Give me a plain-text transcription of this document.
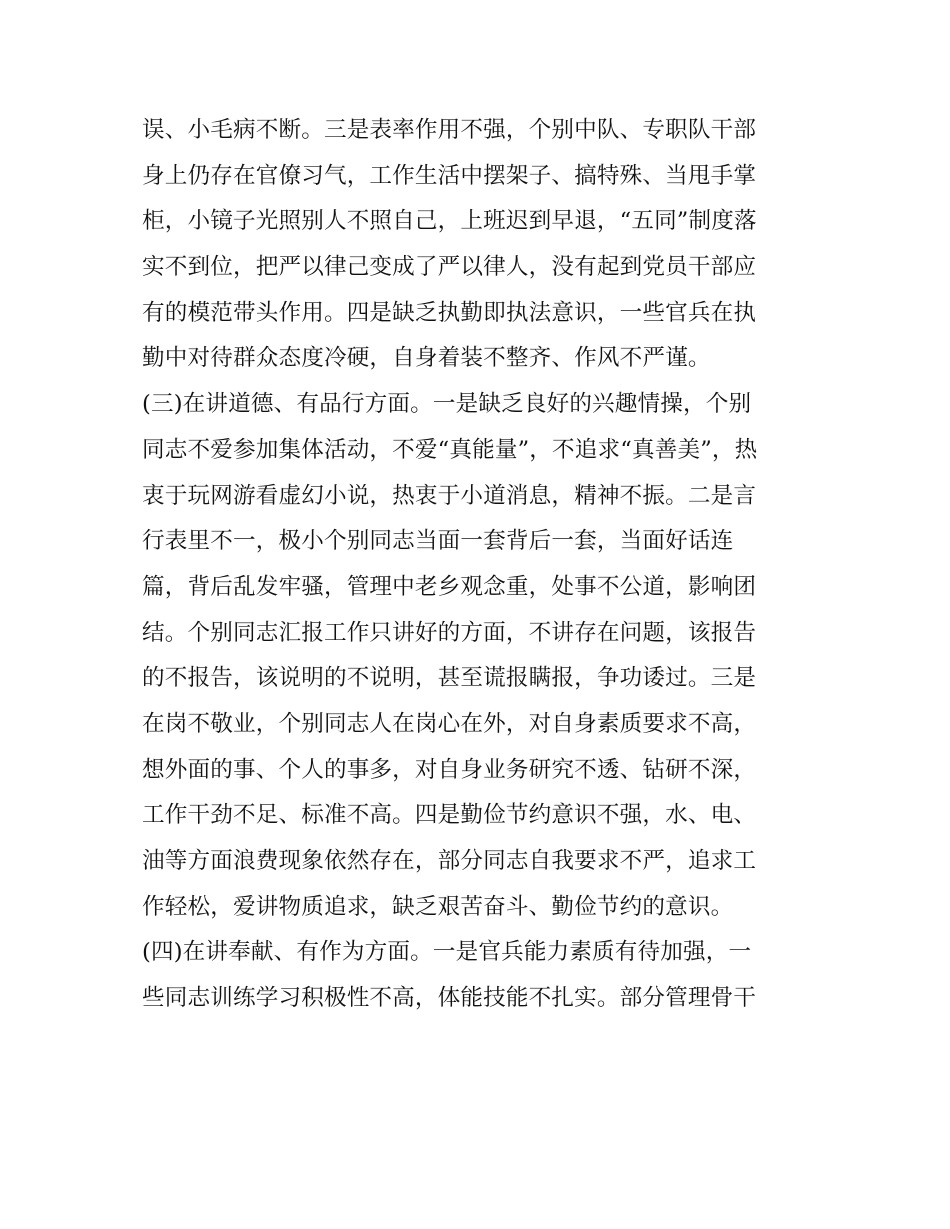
误、小毛病不断。三是表率作用不强，个别中队、专职队干部
身上仍存在官僚习气，工作生活中摆架子、搞特殊、当甩手掌
柜，小镜子光照别人不照自己，上班迟到早退，“五同”制度落
实不到位，把严以律己变成了严以律人，没有起到党员干部应
有的模范带头作用。四是缺乏执勤即执法意识，一些官兵在执
勤中对待群众态度冷硬，自身着装不整齐、作风不严谨。
(三)在讲道德、有品行方面。一是缺乏良好的兴趣情操，个别
同志不爱参加集体活动，不爱“真能量”，不追求“真善美”，热
衷于玩网游看虚幻小说，热衷于小道消息，精神不振。二是言
行表里不一，极小个别同志当面一套背后一套，当面好话连
篇，背后乱发牢骚，管理中老乡观念重，处事不公道，影响团
结。个别同志汇报工作只讲好的方面，不讲存在问题，该报告
的不报告，该说明的不说明，甚至谎报瞒报，争功诿过。三是
在岗不敬业，个别同志人在岗心在外，对自身素质要求不高，
想外面的事、个人的事多，对自身业务研究不透、钻研不深，
工作干劲不足、标准不高。四是勤俭节约意识不强，水、电、
油等方面浪费现象依然存在，部分同志自我要求不严，追求工
作轻松，爱讲物质追求，缺乏艰苦奋斗、勤俭节约的意识。
(四)在讲奉献、有作为方面。一是官兵能力素质有待加强，一
些同志训练学习积极性不高，体能技能不扎实。部分管理骨干
